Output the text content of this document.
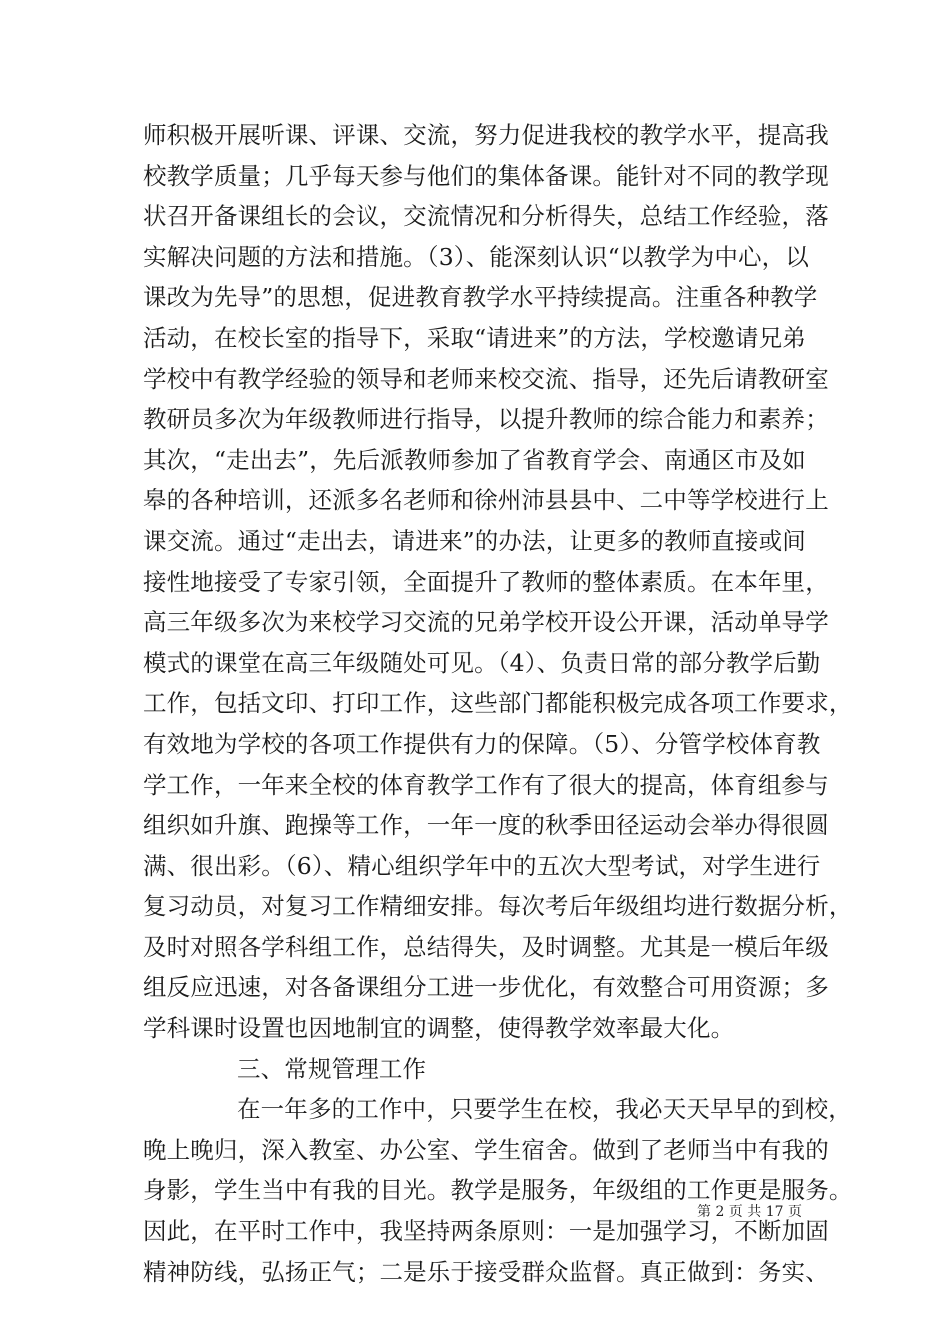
师积极开展听课、评课、交流，努力促进我校的教学水平，提高我
校教学质量；几乎每天参与他们的集体备课。能针对不同的教学现
状召开备课组长的会议，交流情况和分析得失，总结工作经验，落
实解决问题的方法和措施。（3）、能深刻认识“以教学为中心，以
课改为先导”的思想，促进教育教学水平持续提高。注重各种教学
活动，在校长室的指导下，采取“请进来”的方法，学校邀请兄弟
学校中有教学经验的领导和老师来校交流、指导，还先后请教研室
教研员多次为年级教师进行指导，以提升教师的综合能力和素养；
其次，“走出去”，先后派教师参加了省教育学会、南通区市及如
皋的各种培训，还派多名老师和徐州沛县县中、二中等学校进行上
课交流。通过“走出去，请进来”的办法，让更多的教师直接或间
接性地接受了专家引领，全面提升了教师的整体素质。在本年里，
高三年级多次为来校学习交流的兄弟学校开设公开课，活动单导学
模式的课堂在高三年级随处可见。（4）、负责日常的部分教学后勤
工作，包括文印、打印工作，这些部门都能积极完成各项工作要求，
有效地为学校的各项工作提供有力的保障。（5）、分管学校体育教
学工作，一年来全校的体育教学工作有了很大的提高，体育组参与
组织如升旗、跑操等工作，一年一度的秋季田径运动会举办得很圆
满、很出彩。（6）、精心组织学年中的五次大型考试，对学生进行
复习动员，对复习工作精细安排。每次考后年级组均进行数据分析，
及时对照各学科组工作，总结得失，及时调整。尤其是一模后年级
组反应迅速，对各备课组分工进一步优化，有效整合可用资源；多
学科课时设置也因地制宜的调整，使得教学效率最大化。
三、常规管理工作
在一年多的工作中，只要学生在校，我必天天早早的到校，
晚上晚归，深入教室、办公室、学生宿舍。做到了老师当中有我的
身影，学生当中有我的目光。教学是服务，年级组的工作更是服务。
因此，在平时工作中，我坚持两条原则：一是加强学习，不断加固
精神防线，弘扬正气；二是乐于接受群众监督。真正做到：务实、
第 2 页 共 17 页
